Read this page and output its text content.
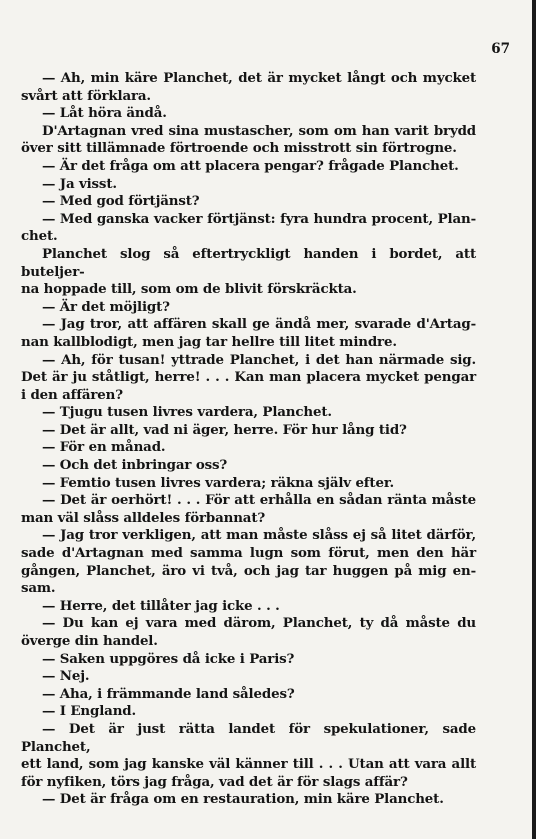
67
— Ah, min käre Planchet, det är mycket långt och mycket
svårt att förklara.
— Låt höra ändå.
D'Artagnan vred sina mustascher, som om han varit brydd
över sitt tillämnade förtroende och misstrott sin förtrogne.
— Är det fråga om att placera pengar? frågade Planchet.
— Ja visst.
— Med god förtjänst?
— Med ganska vacker förtjänst: fyra hundra procent, Plan-
chet.
Planchet slog så eftertryckligt handen i bordet, att buteljer-
na hoppade till, som om de blivit förskräckta.
— Är det möjligt?
— Jag tror, att affären skall ge ändå mer, svarade d'Artag-
nan kallblodigt, men jag tar hellre till litet mindre.
— Ah, för tusan! yttrade Planchet, i det han närmade sig.
Det är ju ståtligt, herre! . . . Kan man placera mycket pengar
i den affären?
— Tjugu tusen livres vardera, Planchet.
— Det är allt, vad ni äger, herre. För hur lång tid?
— För en månad.
— Och det inbringar oss?
— Femtio tusen livres vardera; räkna själv efter.
— Det är oerhört! . . . För att erhålla en sådan ränta måste
man väl slåss alldeles förbannat?
— Jag tror verkligen, att man måste slåss ej så litet därför,
sade d'Artagnan med samma lugn som förut, men den här
gången, Planchet, äro vi två, och jag tar huggen på mig en-
sam.
— Herre, det tillåter jag icke . . .
— Du kan ej vara med därom, Planchet, ty då måste du
överge din handel.
— Saken uppgöres då icke i Paris?
— Nej.
— Aha, i främmande land således?
— I England.
— Det är just rätta landet för spekulationer, sade Planchet,
ett land, som jag kanske väl känner till . . . Utan att vara allt
för nyfiken, törs jag fråga, vad det är för slags affär?
— Det är fråga om en restauration, min käre Planchet.
